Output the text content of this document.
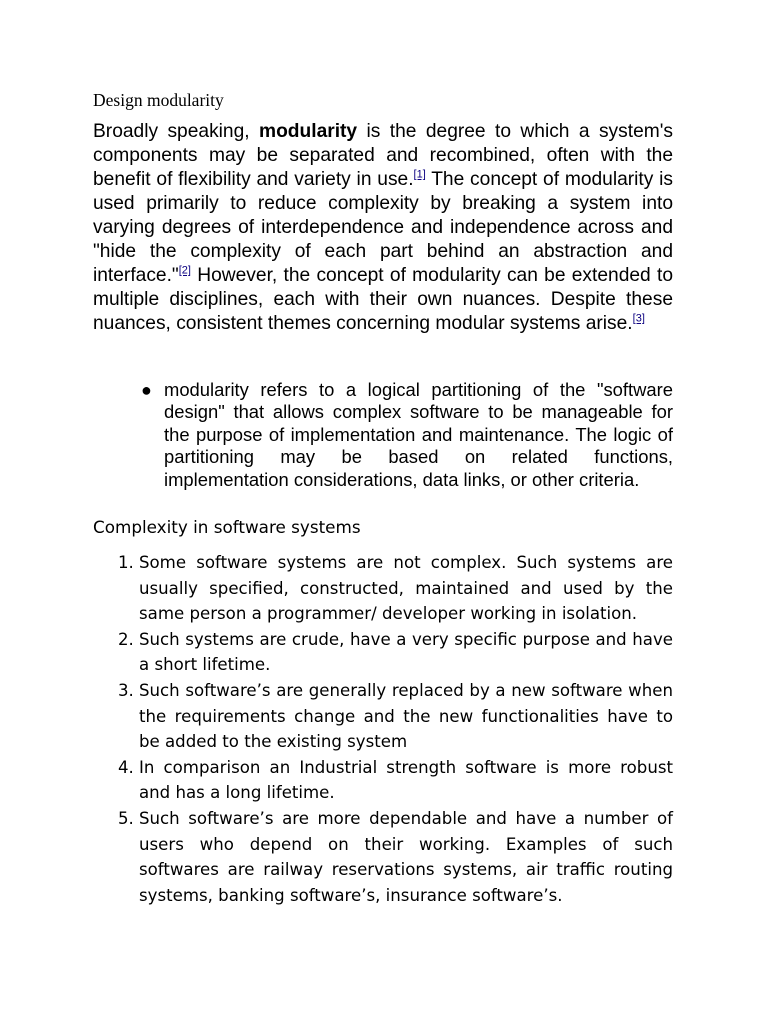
Design modularity

Broadly speaking, modularity is the degree to which a system's components may be separated and recombined, often with the benefit of flexibility and variety in use.[1] The concept of modularity is used primarily to reduce complexity by breaking a system into varying degrees of interdependence and independence across and "hide the complexity of each part behind an abstraction and interface."[2] However, the concept of modularity can be extended to multiple disciplines, each with their own nuances. Despite these nuances, consistent themes concerning modular systems arise.[3]

● modularity refers to a logical partitioning of the "software design" that allows complex software to be manageable for the purpose of implementation and maintenance. The logic of partitioning may be based on related functions, implementation considerations, data links, or other criteria.
Complexity in software systems
1. Some software systems are not complex. Such systems are usually specified, constructed, maintained and used by the same person a programmer/ developer working in isolation.
2. Such systems are crude, have a very specific purpose and have a short lifetime.
3. Such software’s are generally replaced by a new software when the requirements change and the new functionalities have to be added to the existing system
4. In comparison an Industrial strength software is more robust and has a long lifetime.
5. Such software’s are more dependable and have a number of users who depend on their working. Examples of such softwares are railway reservations systems, air traffic routing systems, banking software’s, insurance software’s.
